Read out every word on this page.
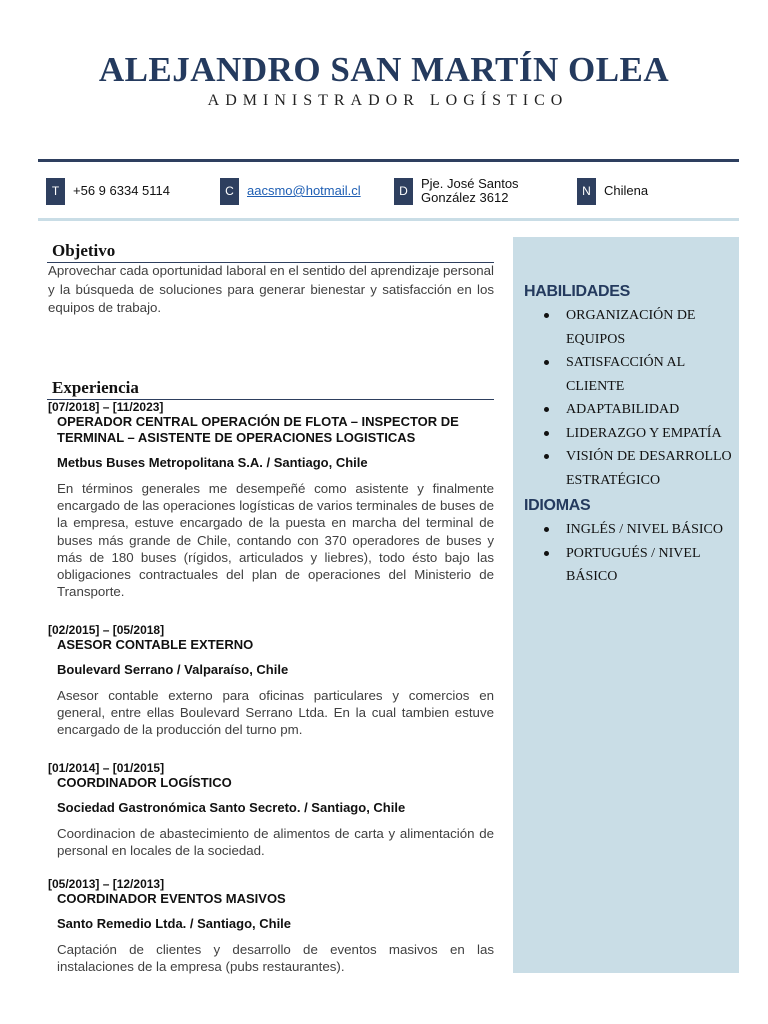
ALEJANDRO SAN MARTÍN OLEA
ADMINISTRADOR LOGÍSTICO
T	+56 9 6334 5114	C	aacsmo@hotmail.cl	D	Pje. José Santos
González 3612	N	Chilena
HABILIDADES
ORGANIZACIÓN DE EQUIPOS
SATISFACCIÓN AL CLIENTE
ADAPTABILIDAD
LIDERAZGO Y EMPATÍA
VISIÓN DE DESARROLLO ESTRATÉGICO
IDIOMAS
INGLÉS / NIVEL BÁSICO
PORTUGUÉS / NIVEL BÁSICO
Objetivo

Aprovechar cada oportunidad laboral en el sentido del aprendizaje personal y la búsqueda de soluciones para generar bienestar y satisfacción en los equipos de trabajo.

Experiencia
[07/2018] – [11/2023]
OPERADOR CENTRAL OPERACIÓN DE FLOTA – INSPECTOR DE TERMINAL – ASISTENTE DE OPERACIONES LOGISTICAS
Metbus Buses Metropolitana S.A. / Santiago, Chile
En términos generales me desempeñé como asistente y finalmente encargado de las operaciones logísticas de varios terminales de buses de la empresa, estuve encargado de la puesta en marcha del terminal de buses más grande de Chile, contando con 370 operadores de buses y más de 180 buses (rígidos, articulados y liebres), todo ésto bajo las obligaciones contractuales del plan de operaciones del Ministerio de Transporte.
[02/2015] – [05/2018]
ASESOR CONTABLE EXTERNO
Boulevard Serrano / Valparaíso, Chile
Asesor contable externo para oficinas particulares y comercios en general, entre ellas Boulevard Serrano Ltda. En la cual tambien estuve encargado de la producción del turno pm.
[01/2014] – [01/2015]
COORDINADOR LOGÍSTICO
Sociedad Gastronómica Santo Secreto. / Santiago, Chile
Coordinacion de abastecimiento de alimentos de carta y alimentación de personal en locales de la sociedad.
[05/2013] – [12/2013]
COORDINADOR EVENTOS MASIVOS
Santo Remedio Ltda. / Santiago, Chile
Captación de clientes y desarrollo de eventos masivos en las instalaciones de la empresa (pubs restaurantes).
